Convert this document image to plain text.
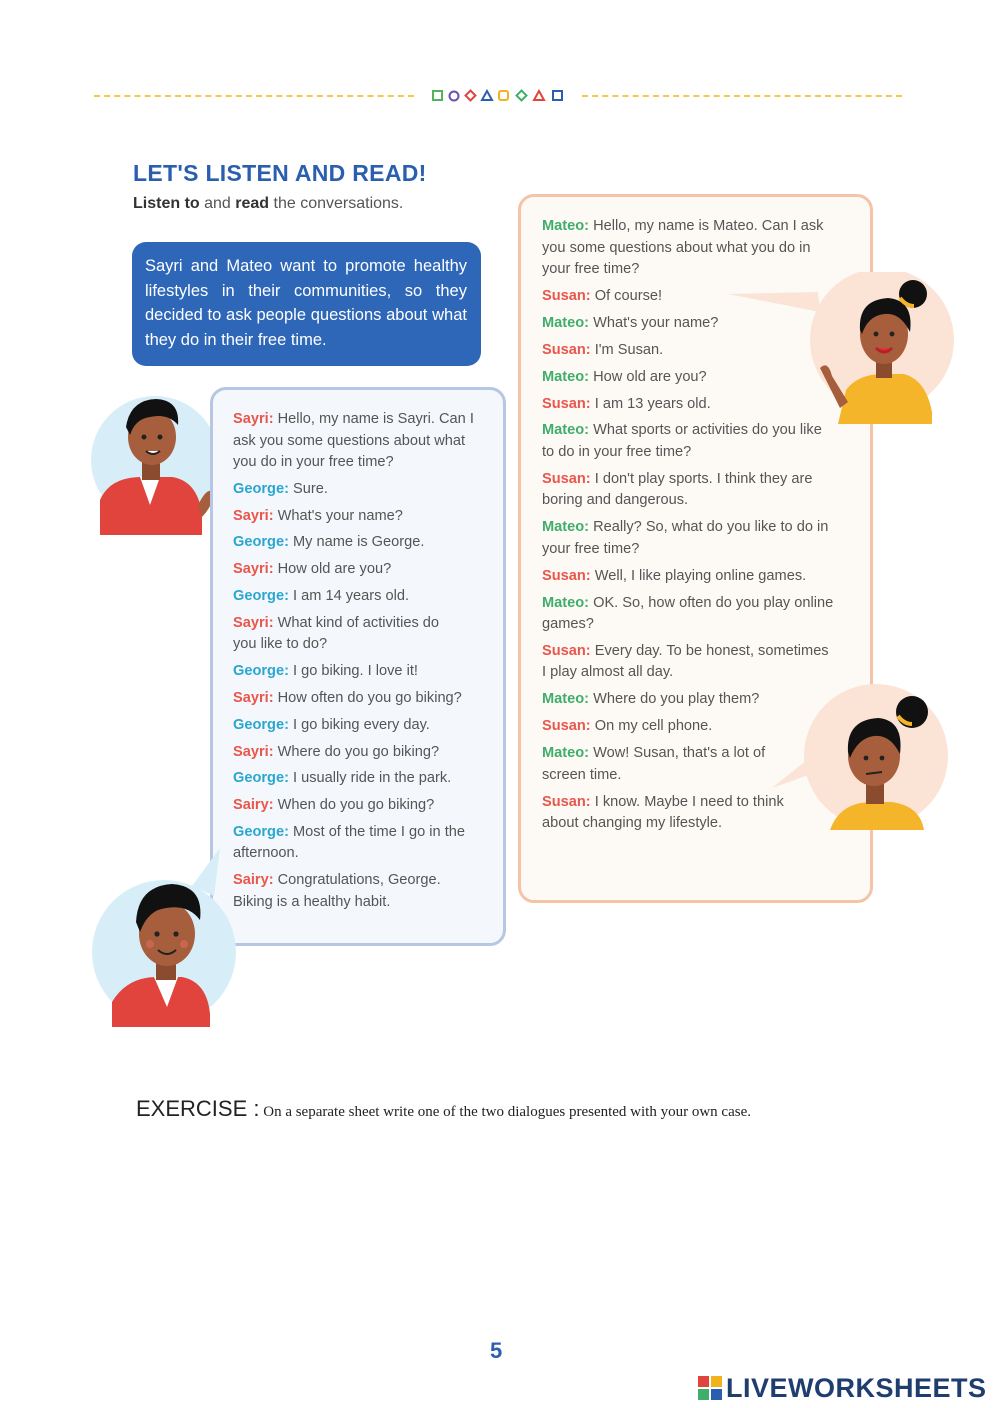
LET'S LISTEN AND READ!
Listen to and read the conversations.
Sayri and Mateo want to promote healthy lifestyles in their communities, so they decided to ask people questions about what they do in their free time.
Sayri: Hello, my name is Sayri. Can I
ask you some questions about what
you do in your free time?
George: Sure.
Sayri: What's your name?
George: My name is George.
Sayri: How old are you?
George: I am 14 years old.
Sayri: What kind of activities do
you like to do?
George: I go biking. I love it!
Sayri: How often do you go biking?
George: I go biking every day.
Sayri: Where do you go biking?
George: I usually ride in the park.
Sairy: When do you go biking?
George: Most of the time I go in the
afternoon.
Sairy: Congratulations, George.
Biking is a healthy habit.
Mateo: Hello, my name is Mateo. Can I ask
you some questions about what you do in
your free time?
Susan: Of course!
Mateo: What's your name?
Susan: I'm Susan.
Mateo: How old are you?
Susan: I am 13 years old.
Mateo: What sports or activities do you like
to do in your free time?
Susan: I don't play sports. I think they are
boring and dangerous.
Mateo: Really? So, what do you like to do in
your free time?
Susan: Well, I like playing online games.
Mateo: OK. So, how often do you play online
games?
Susan: Every day. To be honest, sometimes
I play almost all day.
Mateo: Where do you play them?
Susan: On my cell phone.
Mateo: Wow! Susan, that's a lot of
screen time.
Susan: I know. Maybe I need to think
about changing my lifestyle.
EXERCISE : On a separate sheet write one of the two dialogues presented with your own case.
5
LIVEWORKSHEETS
